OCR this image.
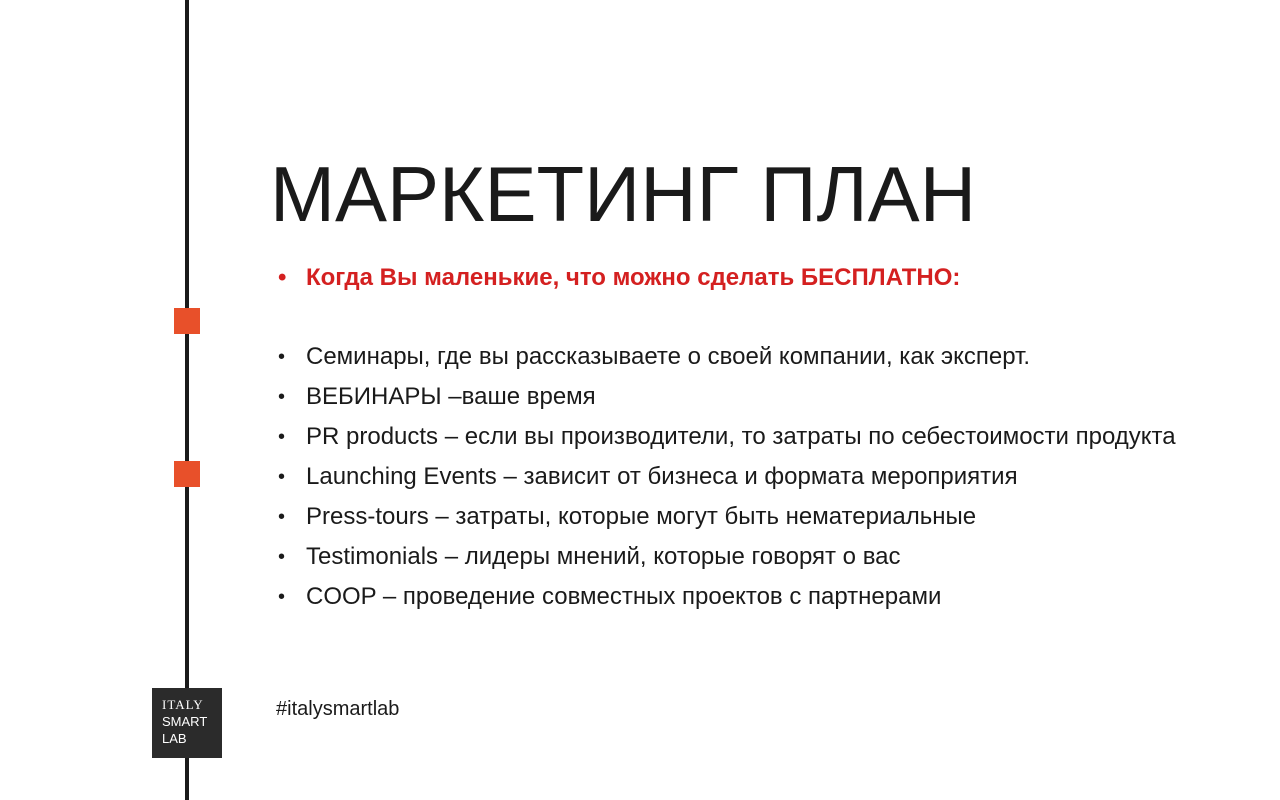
МАРКЕТИНГ ПЛАН
• Когда Вы маленькие, что можно сделать БЕСПЛАТНО:
• Семинары, где вы рассказываете о своей компании, как эксперт.
• ВЕБИНАРЫ –ваше время
• PR products – если вы производители, то затраты по себестоимости продукта
• Launching Events – зависит от бизнеса и формата мероприятия
• Press-tours – затраты, которые могут быть нематериальные
• Testimonials – лидеры мнений, которые говорят о вас
• COOP – проведение совместных проектов с партнерами
#italysmartlab
ITALY
SMART
LAB
